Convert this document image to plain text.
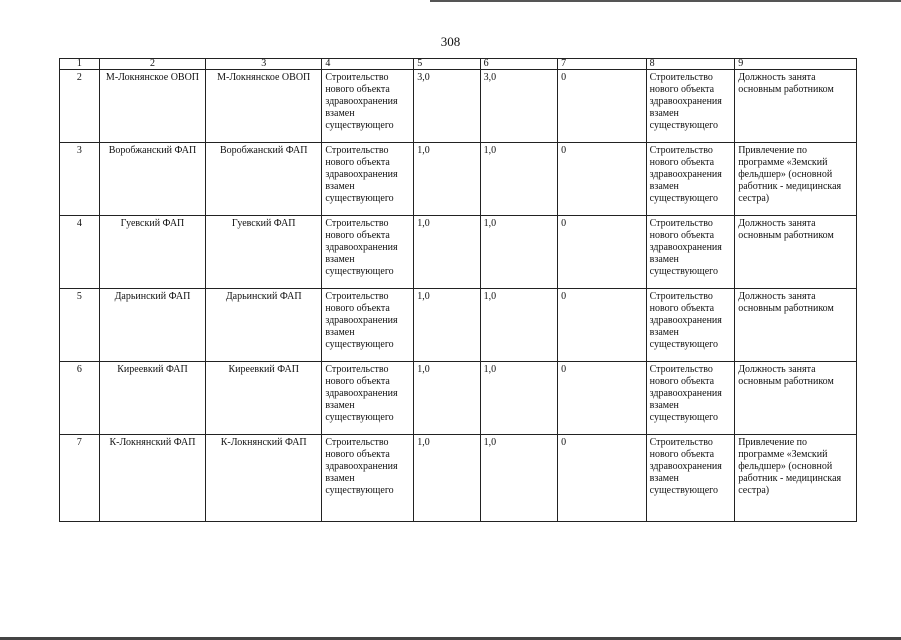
308
1	2	3	4	5	6	7	8	9
2	М-Локнянское ОВОП	М-Локнянское ОВОП	Строительство нового объекта здравоохранения взамен существующего	3,0	3,0	0	Строительство нового объекта здравоохранения взамен существующего	Должность занята основным работником
3	Воробжанский ФАП	Воробжанский ФАП	Строительство нового объекта здравоохранения взамен существующего	1,0	1,0	0	Строительство нового объекта здравоохранения взамен существующего	Привлечение по программе «Земский фельдшер» (основной работник - медицинская сестра)
4	Гуевский ФАП	Гуевский ФАП	Строительство нового объекта здравоохранения взамен существующего	1,0	1,0	0	Строительство нового объекта здравоохранения взамен существующего	Должность занята основным работником
5	Дарьинский ФАП	Дарьинский ФАП	Строительство нового объекта здравоохранения взамен существующего	1,0	1,0	0	Строительство нового объекта здравоохранения взамен существующего	Должность занята основным работником
6	Киреевкий ФАП	Киреевкий ФАП	Строительство нового объекта здравоохранения взамен существующего	1,0	1,0	0	Строительство нового объекта здравоохранения взамен существующего	Должность занята основным работником
7	К-Локнянский ФАП	К-Локнянский ФАП	Строительство нового объекта здравоохранения взамен существующего	1,0	1,0	0	Строительство нового объекта здравоохранения взамен существующего	Привлечение по программе «Земский фельдшер» (основной работник - медицинская сестра)
